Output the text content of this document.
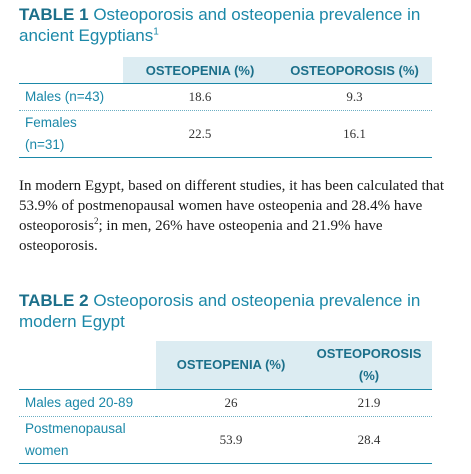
TABLE 1 Osteoporosis and osteopenia prevalence in ancient Egyptians$^1$
	OSTEOPENIA (%)	OSTEOPOROSIS (%)
Males (n=43)	18.6	9.3

Females
(n=31)	22.5	16.1
In modern Egypt, based on different studies, it has been calculated that 53.9% of postmenopausal women have osteopenia and 28.4% have osteoporosis$^2$; in men, 26% have osteopenia and 21.9% have osteoporosis.
TABLE 2 Osteoporosis and osteopenia prevalence in modern Egypt
	OSTEOPENIA (%)	OSTEOPOROSIS
(%)

Males aged 20-89	26	21.9

Postmenopausal
women	53.9	28.4
